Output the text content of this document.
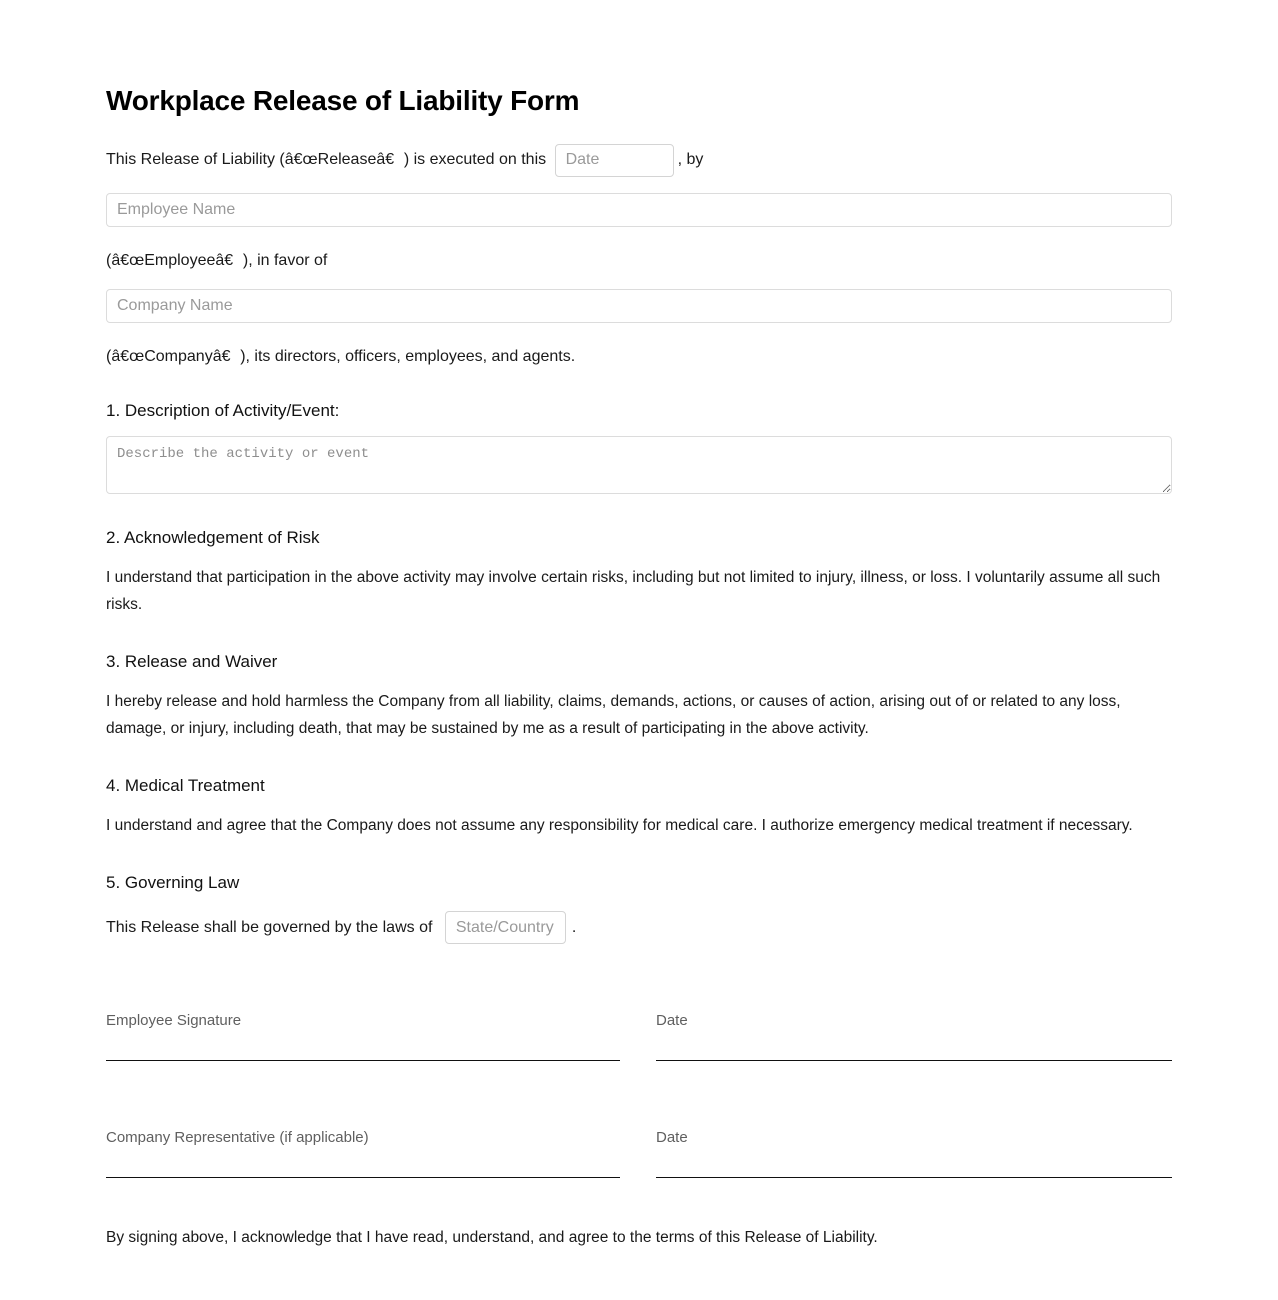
Workplace Release of Liability Form
This Release of Liability (â€œReleaseâ€) is executed on this
Date	, by
Employee Name

(â€œEmployeeâ€), in favor of

Company Name

(â€œCompanyâ€), its directors, officers, employees, and agents.

1. Description of Activity/Event:
Describe the activity or event
2. Acknowledgement of Risk

I understand that participation in the above activity may involve certain risks, including but not limited to injury, illness, or loss. I voluntarily assume all such risks.

3. Release and Waiver

I hereby release and hold harmless the Company from all liability, claims, demands, actions, or causes of action, arising out of or related to any loss, damage, or injury, including death, that may be sustained by me as a result of participating in the above activity.

4. Medical Treatment

I understand and agree that the Company does not assume any responsibility for medical care. I authorize emergency medical treatment if necessary.

5. Governing Law
This Release shall be governed by the laws of
State/Country	.
Employee Signature	Date
Company Representative (if applicable)	Date

By signing above, I acknowledge that I have read, understand, and agree to the terms of this Release of Liability.
